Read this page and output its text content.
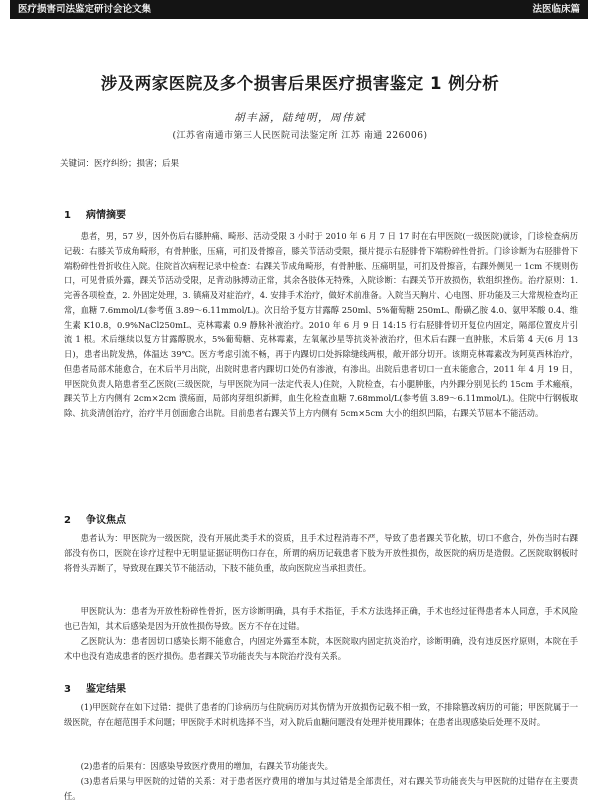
医疗损害司法鉴定研讨会论文集	法医临床篇
涉及两家医院及多个损害后果医疗损害鉴定 1 例分析
胡丰涵，陆纯明，周伟斌
(江苏省南通市第三人民医院司法鉴定所 江苏 南通 226006)
关键词：医疗纠纷；损害；后果
1 病情摘要

患者，男，57 岁，因外伤后右膝肿痛、畸形、活动受限 3 小时于 2010 年 6 月 7 日 17 时在右甲医院(一级医院)就诊，门诊检查病历记载：右膝关节成角畸形，有骨肿胀，压痛，可扪及骨擦音，膝关节活动受限，摄片提示右胫腓骨下端粉碎性骨折。门诊诊断为右胫腓骨下端粉碎性骨折收住入院。住院首次病程记录中检查：右踝关节成角畸形，有骨肿胀、压痛明显，可扪及骨擦音，右踝外侧见一 1cm 不规则伤口，可见骨质外露，踝关节活动受限，足背动脉搏动正常，其余各肢体无特殊，入院诊断：右踝关节开放损伤，软组织挫伤。治疗原则：1. 完善各项检查，2. 外固定处理，3. 镇痛及对症治疗，4. 安排手术治疗，做好术前准备。入院当天胸片、心电图、肝功能及三大常规检查均正常，血糖 7.6mmol/L(参考值 3.89～6.11mmol/L)。次日给予复方甘露醇 250ml、5%葡萄糖 250mL、酚磺乙胺 4.0、氨甲苯酸 0.4、维生素 K10.8，0.9%NaCl250mL、克林霉素 0.9 静脉补液治疗。2010 年 6 月 9 日 14:15 行右胫腓骨切开复位内固定，隔部位置皮片引流 1 根。术后继续以复方甘露醇脱水，5%葡萄糖、克林霉素，左氧氟沙星等抗炎补液治疗，但术后右踝一直肿胀，术后第 4 天(6 月 13 日)，患者出院发热，体温达 39℃。医方考虑引流不畅，再于内踝切口处拆除缝线两根，敞开部分切开。该期克林霉素改为阿莫西林治疗，但患者局部术能愈合，在术后半月出院，出院时患者内踝切口处仍有渗液，有渗出。出院后患者切口一直未能愈合，2011 年 4 月 19 日，甲医院负责人陪患者至乙医院(三级医院，与甲医院为同一法定代表人)住院，入院检查，右小腿肿胀，内外踝分别见长约 15cm 手术瘢痕，踝关节上方内侧有 2cm×2cm 溃疡面，局部肉芽组织新鲜，血生化检查血糖 7.68mmol/L(参考值 3.89～6.11mmol/L)。住院中行钢板取除、抗炎清创治疗，治疗半月创面愈合出院。目前患者右踝关节上方内侧有 5cm×5cm 大小的组织凹陷，右踝关节屈本不能活动。

2 争议焦点

患者认为：甲医院为一级医院，没有开展此类手术的资质，且手术过程消毒不严，导致了患者踝关节化脓，切口不愈合，外伤当时右踝部没有伤口，医院在诊疗过程中无明显证据证明伤口存在，所谓的病历记载患者下肢为开放性损伤，故医院的病历是造假。乙医院取钢板时将骨头弄断了，导致现在踝关节不能活动，下肢不能负重，故向医院应当承担责任。

甲医院认为：患者为开放性粉碎性骨折，医方诊断明确，具有手术指征，手术方法选择正确，手术也经过征得患者本人同意，手术风险也已告知，其术后感染是因为开放性损伤导致。医方不存在过错。

乙医院认为：患者因切口感染长期不能愈合，内固定外露至本院，本医院取内固定抗炎治疗，诊断明确，没有违反医疗原则，本院在手术中也没有造成患者的医疗损伤。患者踝关节功能丧失与本院治疗没有关系。

3 鉴定结果

(1)甲医院存在如下过错：提供了患者的门诊病历与住院病历对其伤情为开放损伤记载不相一致，不排除篡改病历的可能；甲医院属于一级医院，存在超范围手术问题；甲医院手术时机选择不当，对入院后血糖问题没有处理并使用踝体；在患者出现感染后处理不及时。

(2)患者的后果有：因感染导致医疗费用的增加，右踝关节功能丧失。

(3)患者后果与甲医院的过错的关系：对于患者医疗费用的增加与其过错是全部责任，对右踝关节功能丧失与甲医院的过错存在主要责任。
